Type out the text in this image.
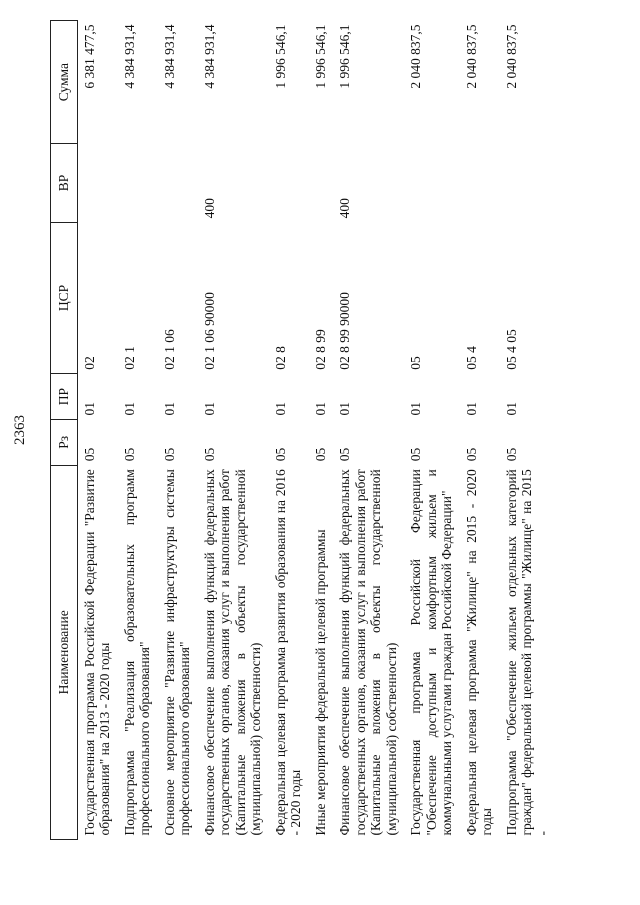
2363
Наименование	Рз	ПР	ЦСР	ВР	Сумма
Государственная программа Российской Федерации "Развитие образования" на 2013 - 2020 годы	05	01	02		6 381 477,5
Подпрограмма "Реализация образовательных программ профессионального образования"	05	01	02 1		4 384 931,4
Основное мероприятие "Развитие инфраструктуры системы профессионального образования"	05	01	02 1 06		4 384 931,4
Финансовое обеспечение выполнения функций федеральных государственных органов, оказания услуг и выполнения работ (Капитальные вложения в объекты государственной (муниципальной) собственности)	05	01	02 1 06 90000	400	4 384 931,4
Федеральная целевая программа развития образования на 2016 - 2020 годы	05	01	02 8		1 996 546,1
Иные мероприятия федеральной целевой программы	05	01	02 8 99		1 996 546,1
Финансовое обеспечение выполнения функций федеральных государственных органов, оказания услуг и выполнения работ (Капитальные вложения в объекты государственной (муниципальной) собственности)	05	01	02 8 99 90000	400	1 996 546,1
Государственная программа Российской Федерации "Обеспечение доступным и комфортным жильем и коммунальными услугами граждан Российской Федерации"	05	01	05		2 040 837,5
Федеральная целевая программа "Жилище" на 2015 - 2020 годы	05	01	05 4		2 040 837,5
Подпрограмма "Обеспечение жильем отдельных категорий граждан" федеральной целевой программы "Жилище" на 2015 -	05	01	05 4 05		2 040 837,5
